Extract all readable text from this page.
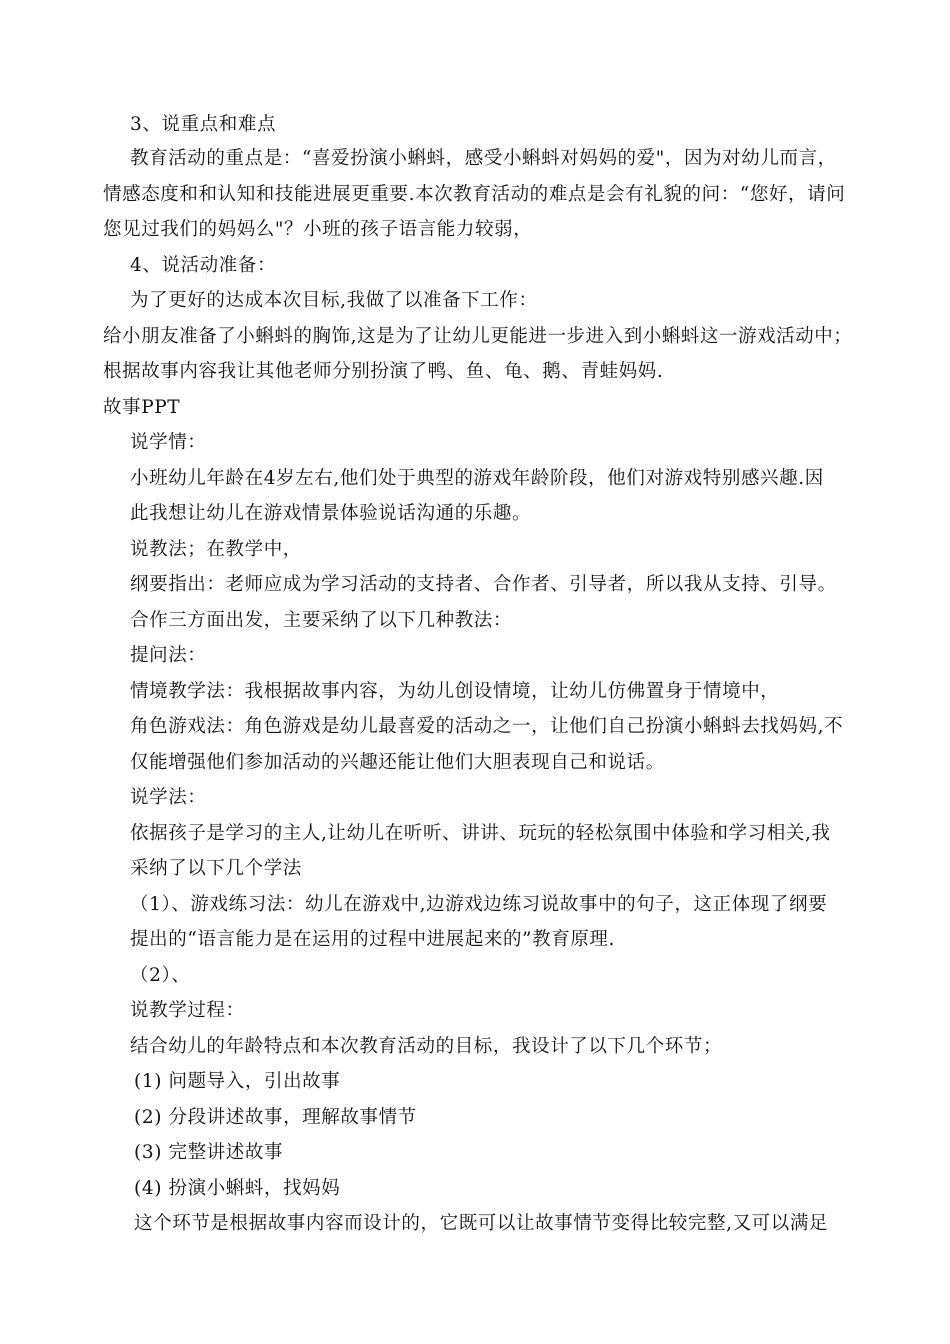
3、说重点和难点
教育活动的重点是：“喜爱扮演小蝌蚪，感受小蝌蚪对妈妈的爱"，因为对幼儿而言，
情感态度和和认知和技能进展更重要.本次教育活动的难点是会有礼貌的问：“您好，请问
您见过我们的妈妈么"？小班的孩子语言能力较弱，
4、说活动准备：
为了更好的达成本次目标,我做了以准备下工作：
给小朋友准备了小蝌蚪的胸饰,这是为了让幼儿更能进一步进入到小蝌蚪这一游戏活动中；
根据故事内容我让其他老师分别扮演了鸭、鱼、龟、鹅、青蛙妈妈.
故事PPT
说学情：
小班幼儿年龄在4岁左右,他们处于典型的游戏年龄阶段，他们对游戏特别感兴趣.因
此我想让幼儿在游戏情景体验说话沟通的乐趣。
说教法；在教学中，
纲要指出：老师应成为学习活动的支持者、合作者、引导者，所以我从支持、引导。
合作三方面出发，主要采纳了以下几种教法：
提问法：
情境教学法：我根据故事内容，为幼儿创设情境，让幼儿仿佛置身于情境中，
角色游戏法：角色游戏是幼儿最喜爱的活动之一，让他们自己扮演小蝌蚪去找妈妈,不
仅能增强他们参加活动的兴趣还能让他们大胆表现自己和说话。
说学法：
依据孩子是学习的主人,让幼儿在听听、讲讲、玩玩的轻松氛围中体验和学习相关,我
采纳了以下几个学法
（1）、游戏练习法：幼儿在游戏中,边游戏边练习说故事中的句子，这正体现了纲要
提出的“语言能力是在运用的过程中进展起来的”教育原理.
（2）、
说教学过程：
结合幼儿的年龄特点和本次教育活动的目标，我设计了以下几个环节；
(1) 问题导入，引出故事
(2) 分段讲述故事，理解故事情节
(3) 完整讲述故事
(4) 扮演小蝌蚪，找妈妈
这个环节是根据故事内容而设计的，它既可以让故事情节变得比较完整,又可以满足
